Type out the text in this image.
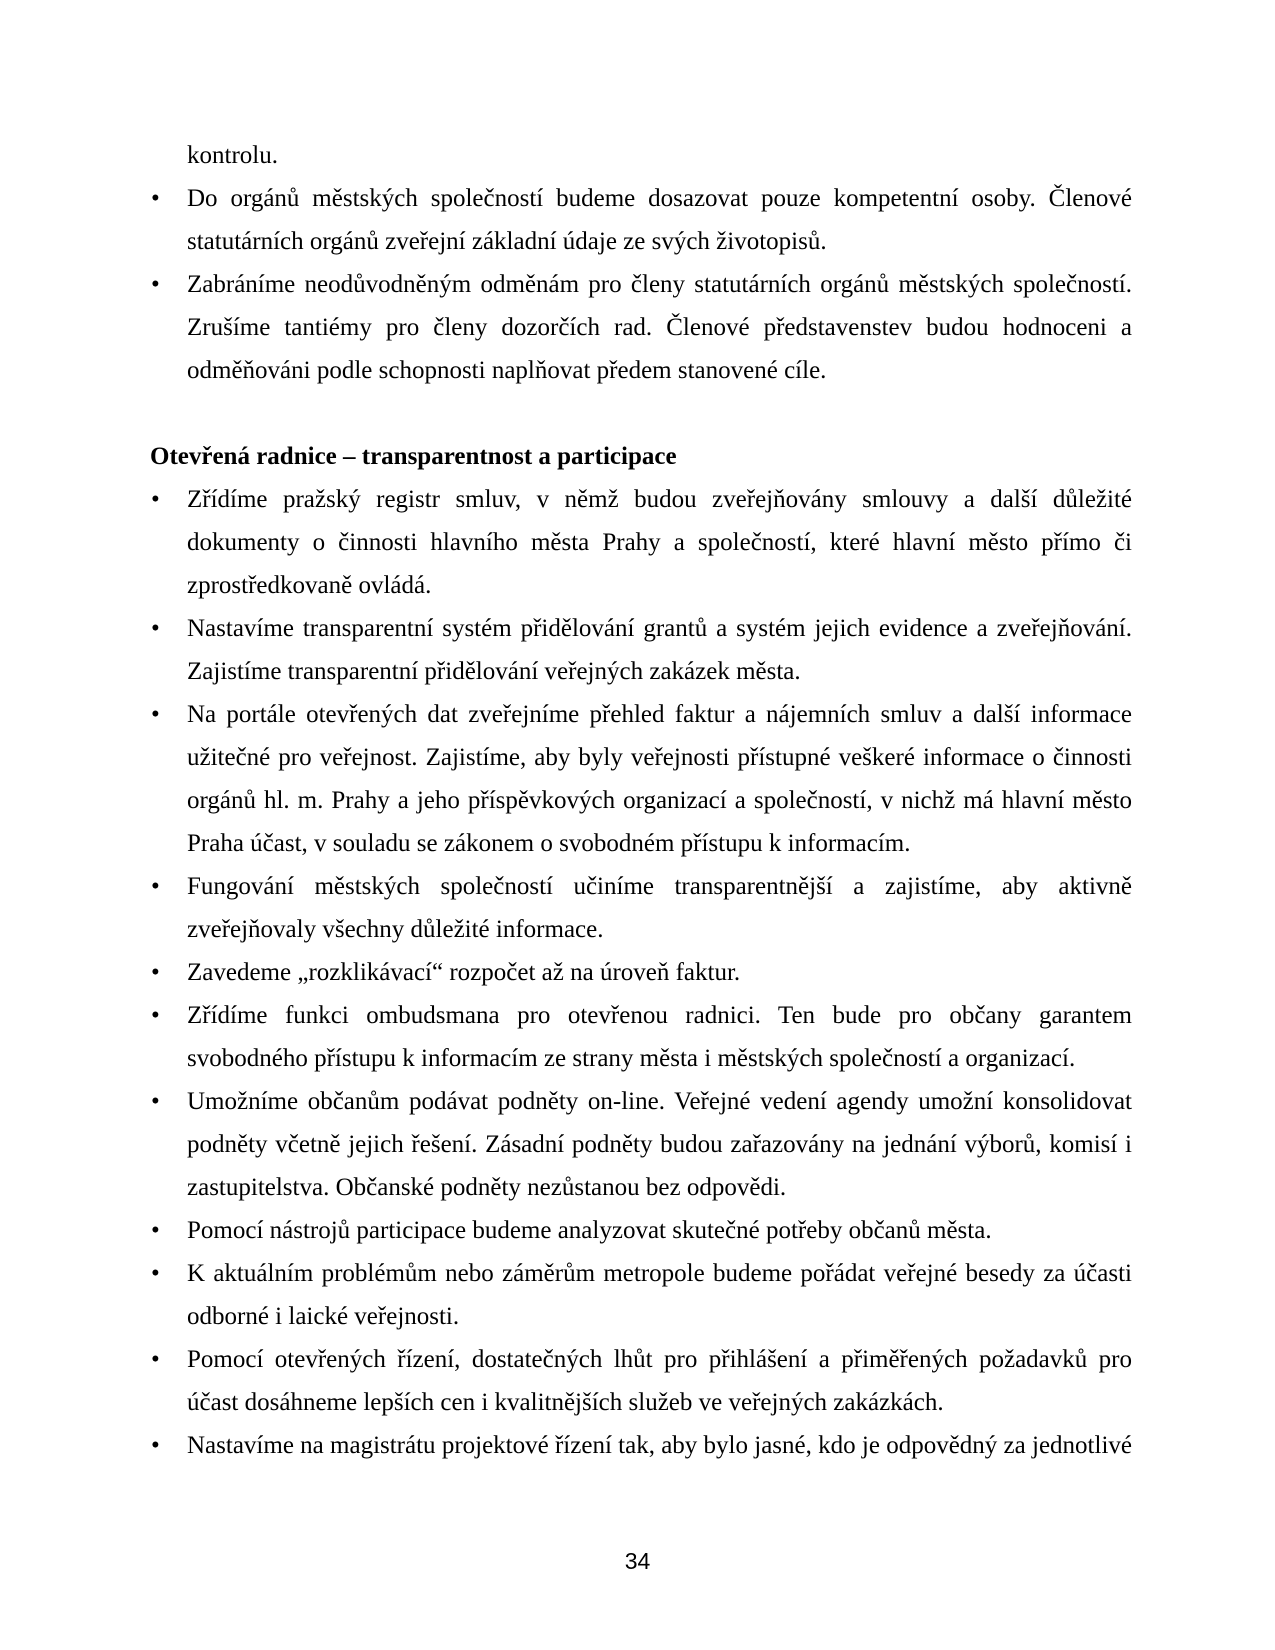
kontrolu.

• Do orgánů městských společností budeme dosazovat pouze kompetentní osoby. Členové statutárních orgánů zveřejní základní údaje ze svých životopisů.
• Zabráníme neodůvodněným odměnám pro členy statutárních orgánů městských společností. Zrušíme tantiémy pro členy dozorčích rad. Členové představenstev budou hodnoceni a odměňováni podle schopnosti naplňovat předem stanovené cíle.
Otevřená radnice – transparentnost a participace
• Zřídíme pražský registr smluv, v němž budou zveřejňovány smlouvy a další důležité dokumenty o činnosti hlavního města Prahy a společností, které hlavní město přímo či zprostředkovaně ovládá.
• Nastavíme transparentní systém přidělování grantů a systém jejich evidence a zveřejňování. Zajistíme transparentní přidělování veřejných zakázek města.
• Na portále otevřených dat zveřejníme přehled faktur a nájemních smluv a další informace užitečné pro veřejnost. Zajistíme, aby byly veřejnosti přístupné veškeré informace o činnosti orgánů hl. m. Prahy a jeho příspěvkových organizací a společností, v nichž má hlavní město Praha účast, v souladu se zákonem o svobodném přístupu k informacím.
• Fungování městských společností učiníme transparentnější a zajistíme, aby aktivně zveřejňovaly všechny důležité informace.
• Zavedeme „rozklikávací“ rozpočet až na úroveň faktur.
• Zřídíme funkci ombudsmana pro otevřenou radnici. Ten bude pro občany garantem svobodného přístupu k informacím ze strany města i městských společností a organizací.
• Umožníme občanům podávat podněty on-line. Veřejné vedení agendy umožní konsolidovat podněty včetně jejich řešení. Zásadní podněty budou zařazovány na jednání výborů, komisí i zastupitelstva. Občanské podněty nezůstanou bez odpovědi.
• Pomocí nástrojů participace budeme analyzovat skutečné potřeby občanů města.
• K aktuálním problémům nebo záměrům metropole budeme pořádat veřejné besedy za účasti odborné i laické veřejnosti.
• Pomocí otevřených řízení, dostatečných lhůt pro přihlášení a přiměřených požadavků pro účast dosáhneme lepších cen i kvalitnějších služeb ve veřejných zakázkách.
• Nastavíme na magistrátu projektové řízení tak, aby bylo jasné, kdo je odpovědný za jednotlivé
34
